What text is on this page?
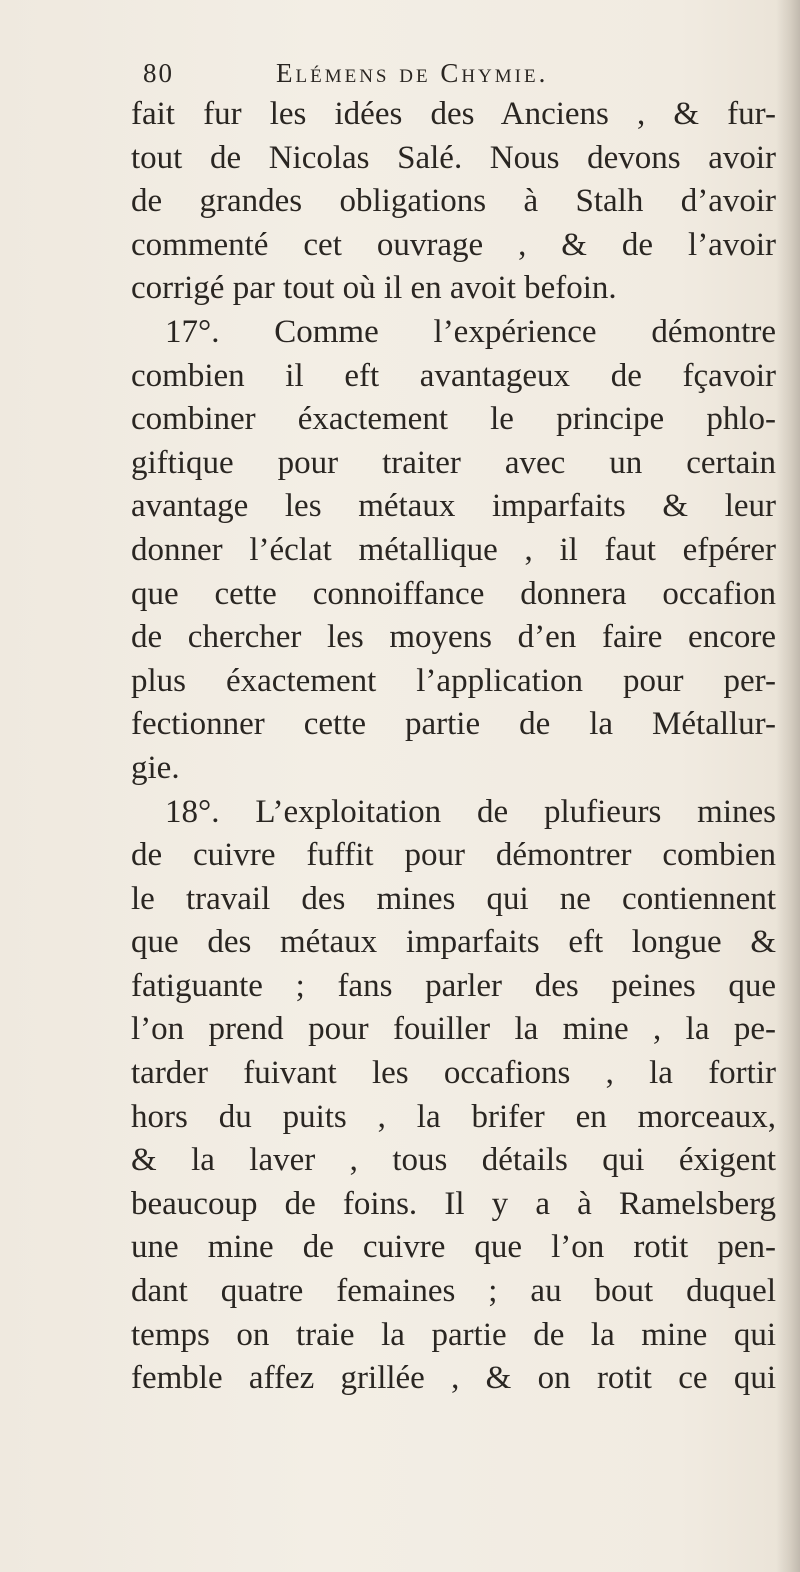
80	Elémens de Chymie.
fait fur les idées des Anciens , & fur-
tout de Nicolas Salé. Nous devons avoir
de grandes obligations à Stalh d’avoir
commenté cet ouvrage , & de l’avoir
corrigé par tout où il en avoit befoin.
17°. Comme l’expérience démontre
combien il eft avantageux de fçavoir
combiner éxactement le principe phlo-
giftique pour traiter avec un certain
avantage les métaux imparfaits & leur
donner l’éclat métallique , il faut efpérer
que cette connoiffance donnera occafion
de chercher les moyens d’en faire encore
plus éxactement l’application pour per-
fectionner cette partie de la Métallur-
gie.
18°. L’exploitation de plufieurs mines
de cuivre fuffit pour démontrer combien
le travail des mines qui ne contiennent
que des métaux imparfaits eft longue &
fatiguante ; fans parler des peines que
l’on prend pour fouiller la mine , la pe-
tarder fuivant les occafions , la fortir
hors du puits , la brifer en morceaux,
& la laver , tous détails qui éxigent
beaucoup de foins. Il y a à Ramelsberg
une mine de cuivre que l’on rotit pen-
dant quatre femaines ; au bout duquel
temps on traie la partie de la mine qui
femble affez grillée , & on rotit ce qui
